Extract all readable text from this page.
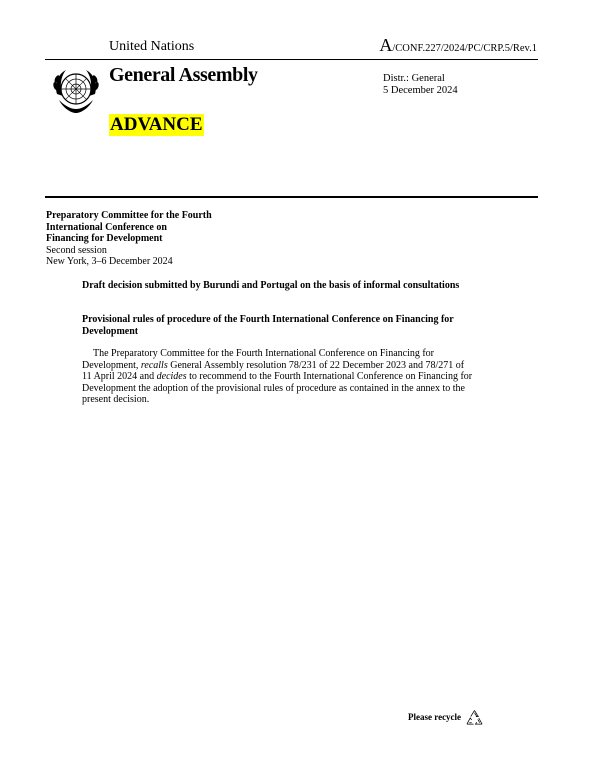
United Nations	A/CONF.227/2024/PC/CRP.5/Rev.1
General Assembly	Distr.: General
5 December 2024
ADVANCE
Preparatory Committee for the Fourth
International Conference on
Financing for Development
Second session
New York, 3–6 December 2024
Draft decision submitted by Burundi and Portugal on the basis of informal consultations
Provisional rules of procedure of the Fourth International Conference on Financing for Development
The Preparatory Committee for the Fourth International Conference on Financing for Development, recalls General Assembly resolution 78/231 of 22 December 2023 and 78/271 of 11 April 2024 and decides to recommend to the Fourth International Conference on Financing for Development the adoption of the provisional rules of procedure as contained in the annex to the present decision.
Please recycle
